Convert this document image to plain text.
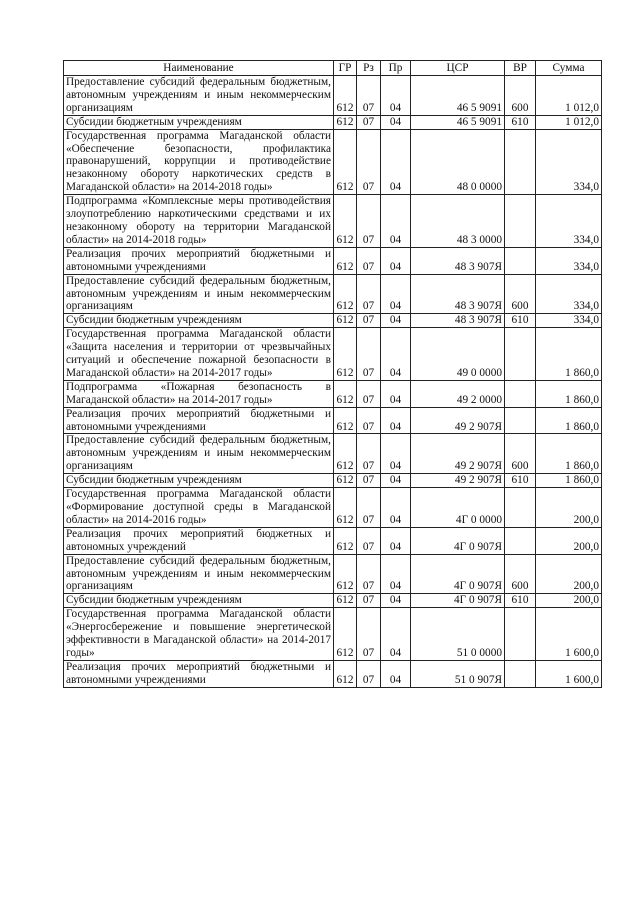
Наименование	ГР	Рз	Пр	ЦСР	ВР	Сумма
Предоставление субсидий федеральным бюджетным, автономным учреждениям и иным некоммерческим организациям	612	07	04	46 5 9091	600	1 012,0
Субсидии бюджетным учреждениям	612	07	04	46 5 9091	610	1 012,0
Государственная программа Магаданской области «Обеспечение безопасности, профилактика правонарушений, коррупции и противодействие незаконному обороту наркотических средств в Магаданской области» на 2014-2018 годы»	612	07	04	48 0 0000		334,0
Подпрограмма «Комплексные меры противодействия злоупотреблению наркотическими средствами и их незаконному обороту на территории Магаданской области» на 2014-2018 годы»	612	07	04	48 3 0000		334,0
Реализация прочих мероприятий бюджетными и автономными учреждениями	612	07	04	48 3 907Я		334,0
Предоставление субсидий федеральным бюджетным, автономным учреждениям и иным некоммерческим организациям	612	07	04	48 3 907Я	600	334,0
Субсидии бюджетным учреждениям	612	07	04	48 3 907Я	610	334,0
Государственная программа Магаданской области «Защита населения и территории от чрезвычайных ситуаций и обеспечение пожарной безопасности в Магаданской области» на 2014-2017 годы»	612	07	04	49 0 0000		1 860,0
Подпрограмма «Пожарная безопасность в Магаданской области» на 2014-2017 годы»	612	07	04	49 2 0000		1 860,0
Реализация прочих мероприятий бюджетными и автономными учреждениями	612	07	04	49 2 907Я		1 860,0
Предоставление субсидий федеральным бюджетным, автономным учреждениям и иным некоммерческим организациям	612	07	04	49 2 907Я	600	1 860,0
Субсидии бюджетным учреждениям	612	07	04	49 2 907Я	610	1 860,0
Государственная программа Магаданской области «Формирование доступной среды в Магаданской области» на 2014-2016 годы»	612	07	04	4Г 0 0000		200,0
Реализация прочих мероприятий бюджетных и автономных учреждений	612	07	04	4Г 0 907Я		200,0
Предоставление субсидий федеральным бюджетным, автономным учреждениям и иным некоммерческим организациям	612	07	04	4Г 0 907Я	600	200,0
Субсидии бюджетным учреждениям	612	07	04	4Г 0 907Я	610	200,0
Государственная программа Магаданской области «Энергосбережение и повышение энергетической эффективности в Магаданской области» на 2014-2017 годы»	612	07	04	51 0 0000		1 600,0
Реализация прочих мероприятий бюджетными и автономными учреждениями	612	07	04	51 0 907Я		1 600,0
